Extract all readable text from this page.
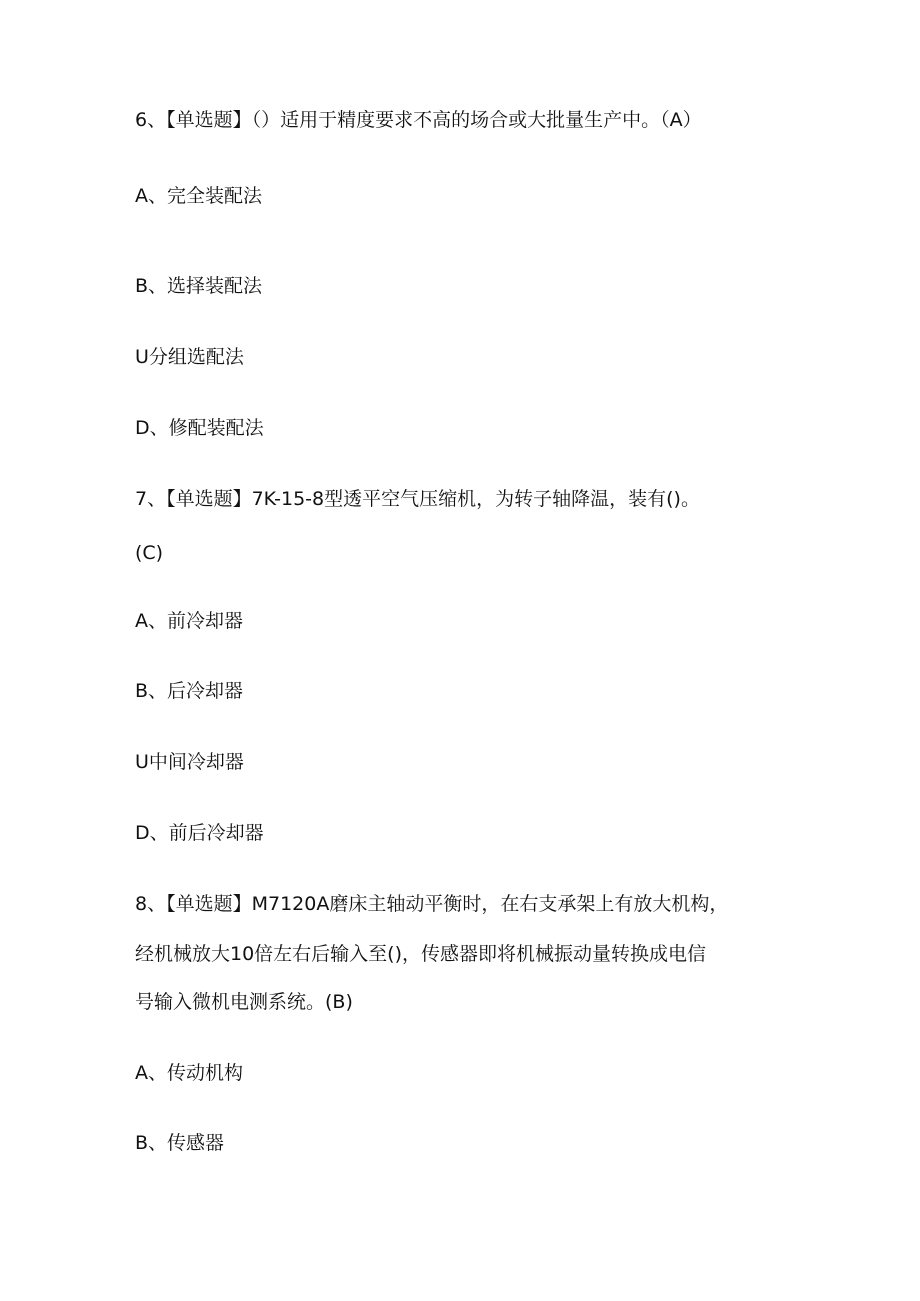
6、【单选题】（）适用于精度要求不高的场合或大批量生产中。（A）
A、完全装配法
B、选择装配法
U分组选配法
D、修配装配法
7、【单选题】7K-15-8型透平空气压缩机，为转子轴降温，装有()。
(C)
A、前冷却器
B、后冷却器
U中间冷却器
D、前后冷却器
8、【单选题】M7120A磨床主轴动平衡时，在右支承架上有放大机构，
经机械放大10倍左右后输入至()，传感器即将机械振动量转换成电信
号输入微机电测系统。(B)
A、传动机构
B、传感器
